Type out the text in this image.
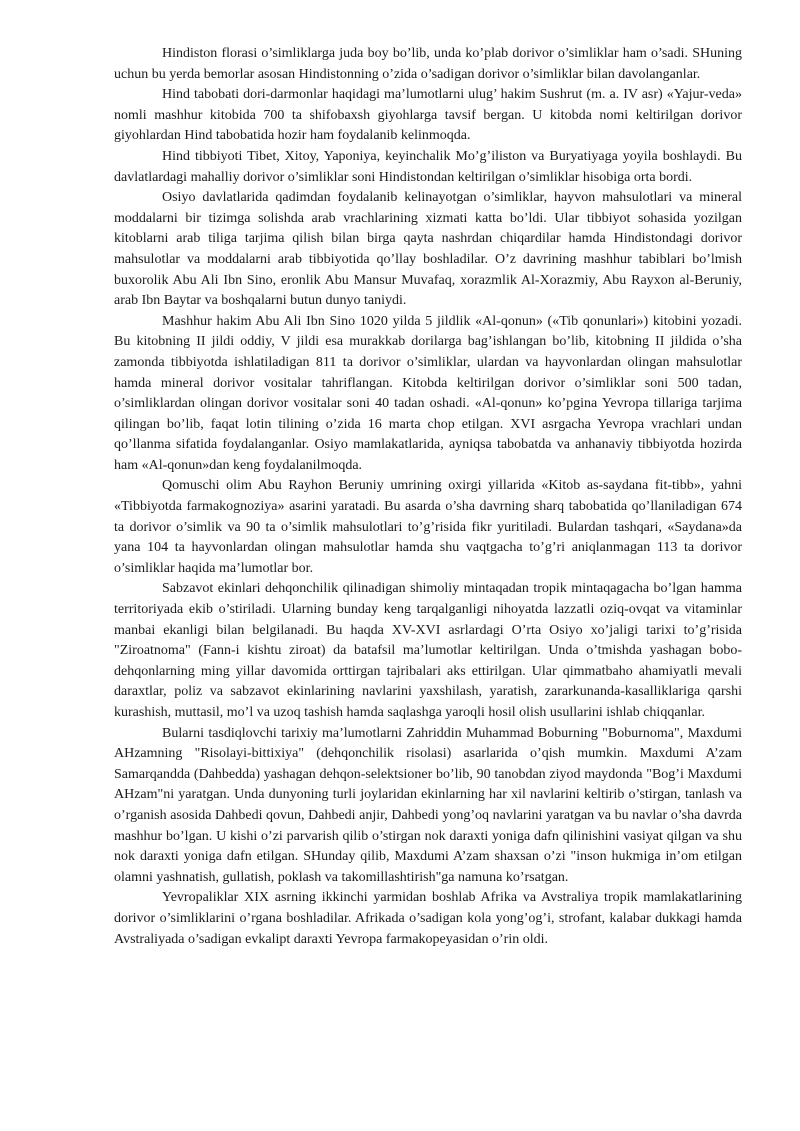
Hindiston florasi o’simliklarga juda boy bo’lib, unda ko’plab dorivor o’simliklar ham o’sadi. SHuning uchun bu yerda bemorlar asosan Hindistonning o’zida o’sadigan dorivor o’simliklar bilan davolanganlar.

Hind tabobati dori-darmonlar haqidagi ma’lumotlarni ulug’ hakim Sushrut (m. a. IV asr) «Yajur-veda» nomli mashhur kitobida 700 ta shifobaxsh giyohlarga tavsif bergan. U kitobda nomi keltirilgan dorivor giyohlardan Hind tabobatida hozir ham foydalanib kelinmoqda.

Hind tibbiyoti Tibet, Xitoy, Yaponiya, keyinchalik Mo’g’iliston va Buryatiyaga yoyila boshlaydi. Bu davlatlardagi mahalliy dorivor o’simliklar soni Hindistondan keltirilgan o’simliklar hisobiga orta bordi.

Osiyo davlatlarida qadimdan foydalanib kelinayotgan o’simliklar, hayvon mahsulotlari va mineral moddalarni bir tizimga solishda arab vrachlarining xizmati katta bo’ldi. Ular tibbiyot sohasida yozilgan kitoblarni arab tiliga tarjima qilish bilan birga qayta nashrdan chiqardilar hamda Hindistondagi dorivor mahsulotlar va moddalarni arab tibbiyotida qo’llay boshladilar. O’z davrining mashhur tabiblari bo’lmish buxorolik Abu Ali Ibn Sino, eronlik Abu Mansur Muvafaq, xorazmlik Al-Xorazmiy, Abu Rayxon al-Beruniy, arab Ibn Baytar va boshqalarni butun dunyo taniydi.

Mashhur hakim Abu Ali Ibn Sino 1020 yilda 5 jildlik «Al-qonun» («Tib qonunlari») kitobini yozadi. Bu kitobning II jildi oddiy, V jildi esa murakkab dorilarga bag’ishlangan bo’lib, kitobning II jildida o’sha zamonda tibbiyotda ishlatiladigan 811 ta dorivor o’simliklar, ulardan va hayvonlardan olingan mahsulotlar hamda mineral dorivor vositalar tahriflangan. Kitobda keltirilgan dorivor o’simliklar soni 500 tadan, o’simliklardan olingan dorivor vositalar soni 40 tadan oshadi. «Al-qonun» ko’pgina Yevropa tillariga tarjima qilingan bo’lib, faqat lotin tilining o’zida 16 marta chop etilgan. XVI asrgacha Yevropa vrachlari undan qo’llanma sifatida foydalanganlar. Osiyo mamlakatlarida, ayniqsa tabobatda va anhanaviy tibbiyotda hozirda ham «Al-qonun»dan keng foydalanilmoqda.

Qomuschi olim Abu Rayhon Beruniy umrining oxirgi yillarida «Kitob as-saydana fit-tibb», yahni «Tibbiyotda farmakognoziya» asarini yaratadi. Bu asarda o’sha davrning sharq tabobatida qo’llaniladigan 674 ta dorivor o’simlik va 90 ta o’simlik mahsulotlari to’g’risida fikr yuritiladi. Bulardan tashqari, «Saydana»da yana 104 ta hayvonlardan olingan mahsulotlar hamda shu vaqtgacha to’g’ri aniqlanmagan 113 ta dorivor o’simliklar haqida ma’lumotlar bor.

Sabzavot ekinlari dehqonchilik qilinadigan shimoliy mintaqadan tropik mintaqagacha bo’lgan hamma territoriyada ekib o’stiriladi. Ularning bunday keng tarqalganligi nihoyatda lazzatli oziq-ovqat va vitaminlar manbai ekanligi bilan belgilanadi. Bu haqda XV-XVI asrlardagi O’rta Osiyo xo’jaligi tarixi to’g’risida "Ziroatnoma" (Fann-i kishtu ziroat) da batafsil ma’lumotlar keltirilgan. Unda o’tmishda yashagan bobo-dehqonlarning ming yillar davomida orttirgan tajribalari aks ettirilgan. Ular qimmatbaho ahamiyatli mevali daraxtlar, poliz va sabzavot ekinlarining navlarini yaxshilash, yaratish, zararkunanda-kasalliklariga qarshi kurashish, muttasil, mo’l va uzoq tashish hamda saqlashga yaroqli hosil olish usullarini ishlab chiqqanlar.

Bularni tasdiqlovchi tarixiy ma’lumotlarni Zahriddin Muhammad Boburning "Boburnoma", Maxdumi AHzamning "Risolayi-bittixiya" (dehqonchilik risolasi) asarlarida o’qish mumkin. Maxdumi A’zam Samarqandda (Dahbedda) yashagan dehqon-selektsioner bo’lib, 90 tanobdan ziyod maydonda "Bog’i Maxdumi AHzam"ni yaratgan. Unda dunyoning turli joylaridan ekinlarning har xil navlarini keltirib o’stirgan, tanlash va o’rganish asosida Dahbedi qovun, Dahbedi anjir, Dahbedi yong’oq navlarini yaratgan va bu navlar o’sha davrda mashhur bo’lgan. U kishi o’zi parvarish qilib o’stirgan nok daraxti yoniga dafn qilinishini vasiyat qilgan va shu nok daraxti yoniga dafn etilgan. SHunday qilib, Maxdumi A’zam shaxsan o’zi "inson hukmiga in’om etilgan olamni yashnatish, gullatish, poklash va takomillashtirish"ga namuna ko’rsatgan.

Yevropaliklar XIX asrning ikkinchi yarmidan boshlab Afrika va Avstraliya tropik mamlakatlarining dorivor o’simliklarini o’rgana boshladilar. Afrikada o’sadigan kola yong’og’i, strofant, kalabar dukkagi hamda Avstraliyada o’sadigan evkalipt daraxti Yevropa farmakopeyasidan o’rin oldi.
